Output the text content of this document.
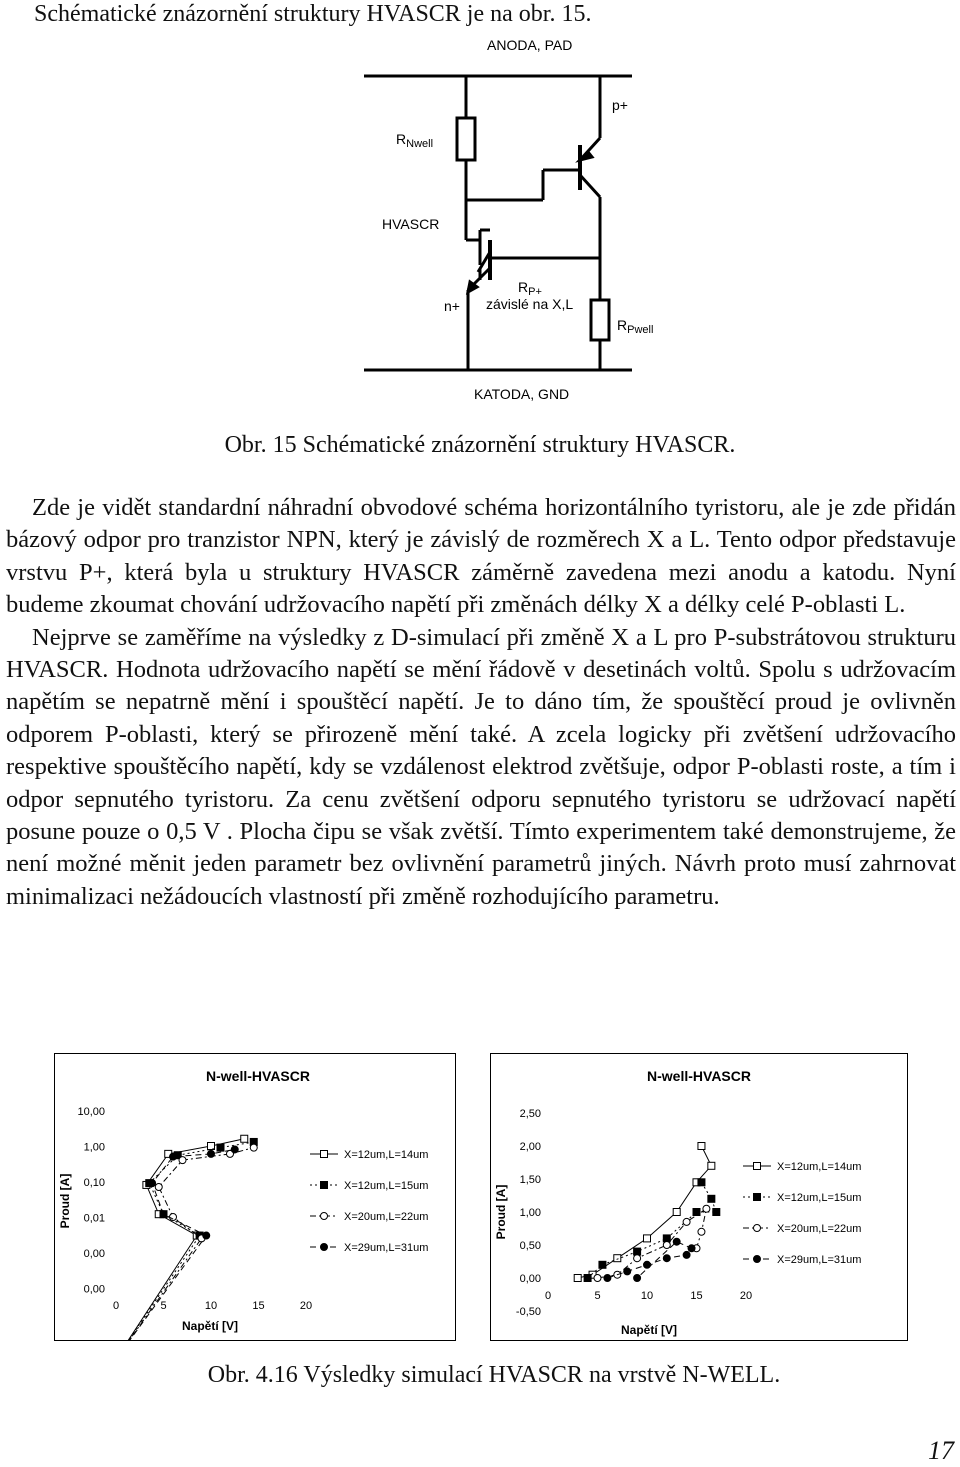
Schématické znázornění struktury HVASCR je na obr. 15.

ANODA, PAD
p+
$R_{Nwell}$
HVASCR
$R_{P+}$
závislé na X,L
n+
$R_{Pwell}$
KATODA, GND

Obr. 15 Schématické znázornění struktury HVASCR.

Zde je vidět standardní náhradní obvodové schéma horizontálního tyristoru, ale je zde přidán bázový odpor pro tranzistor NPN, který je závislý de rozměrech X a L. Tento odpor představuje vrstvu P+, která byla u struktury HVASCR záměrně zavedena mezi anodu a katodu. Nyní budeme zkoumat chování udržovacího napětí při změnách délky X a délky celé P-oblasti L.

Nejprve se zaměříme na výsledky z D-simulací při změně X a L pro P-substrátovou strukturu HVASCR. Hodnota udržovacího napětí se mění řádově v desetinách voltů. Spolu s udržovacím napětím se nepatrně mění i spouštěcí napětí. Je to dáno tím, že spouštěcí proud je ovlivněn odporem P-oblasti, který se přirozeně mění také. A zcela logicky při zvětšení udržovacího respektive spouštěcího napětí, kdy se vzdálenost elektrod zvětšuje, odpor P-oblasti roste, a tím i odpor sepnutého tyristoru. Za cenu zvětšení odporu sepnutého tyristoru se udržovací napětí posune pouze o 0,5 V . Plocha čipu se však zvětší. Tímto experimentem také demonstrujeme, že není možné měnit jeden parametr bez ovlivnění parametrů jiných. Návrh proto musí zahrnovat minimalizaci nežádoucích vlastností při změně rozhodujícího parametru.

N-well-HVASCR
10,00
1,00
0,10
0,01
0,00
0,00
0	5	10	15	20
Napětí [V]
Proud [A]
X=12um,L=14um
X=12um,L=15um
X=20um,L=22um
X=29um,L=31um
N-well-HVASCR
2,50
2,00
1,50
1,00
0,50
0,00
-0,50
0	5	10	15	20
Napětí [V]
Proud [A]
X=12um,L=14um
X=12um,L=15um
X=20um,L=22um
X=29um,L=31um

Obr. 4.16 Výsledky simulací HVASCR na vrstvě N-WELL.

17
